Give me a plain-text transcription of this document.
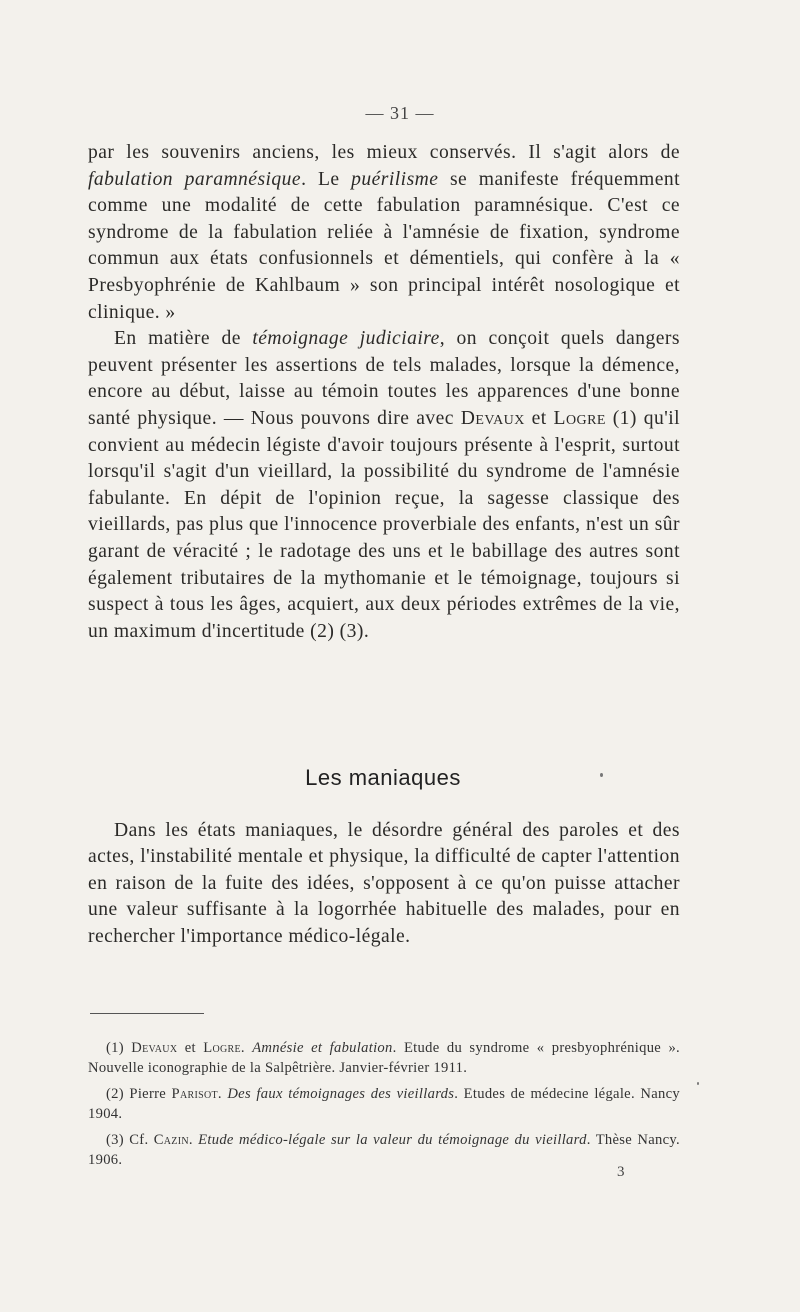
— 31 —

par les souvenirs anciens, les mieux conservés. Il s'agit alors de fabulation paramnésique. Le puérilisme se manifeste fréquemment comme une modalité de cette fabulation paramnésique. C'est ce syndrome de la fabulation reliée à l'amnésie de fixation, syndrome commun aux états confusionnels et démentiels, qui confère à la « Presbyophrénie de Kahlbaum » son principal intérêt nosologique et clinique. »

En matière de témoignage judiciaire, on conçoit quels dangers peuvent présenter les assertions de tels malades, lorsque la démence, encore au début, laisse au témoin toutes les apparences d'une bonne santé physique. — Nous pouvons dire avec Devaux et Logre (1) qu'il convient au médecin légiste d'avoir toujours présente à l'esprit, surtout lorsqu'il s'agit d'un vieillard, la possibilité du syndrome de l'amnésie fabulante. En dépit de l'opinion reçue, la sagesse classique des vieillards, pas plus que l'innocence proverbiale des enfants, n'est un sûr garant de véracité ; le radotage des uns et le babillage des autres sont également tributaires de la mythomanie et le témoignage, toujours si suspect à tous les âges, acquiert, aux deux périodes extrêmes de la vie, un maximum d'incertitude (2) (3).

Les maniaques

Dans les états maniaques, le désordre général des paroles et des actes, l'instabilité mentale et physique, la difficulté de capter l'attention en raison de la fuite des idées, s'opposent à ce qu'on puisse attacher une valeur suffisante à la logorrhée habituelle des malades, pour en rechercher l'importance médico-légale.

(1) Devaux et Logre. Amnésie et fabulation. Etude du syndrome « presbyophrénique ». Nouvelle iconographie de la Salpêtrière. Janvier-février 1911.

(2) Pierre Parisot. Des faux témoignages des vieillards. Etudes de médecine légale. Nancy 1904.

(3) Cf. Cazin. Etude médico-légale sur la valeur du témoignage du vieillard. Thèse Nancy. 1906.

3
